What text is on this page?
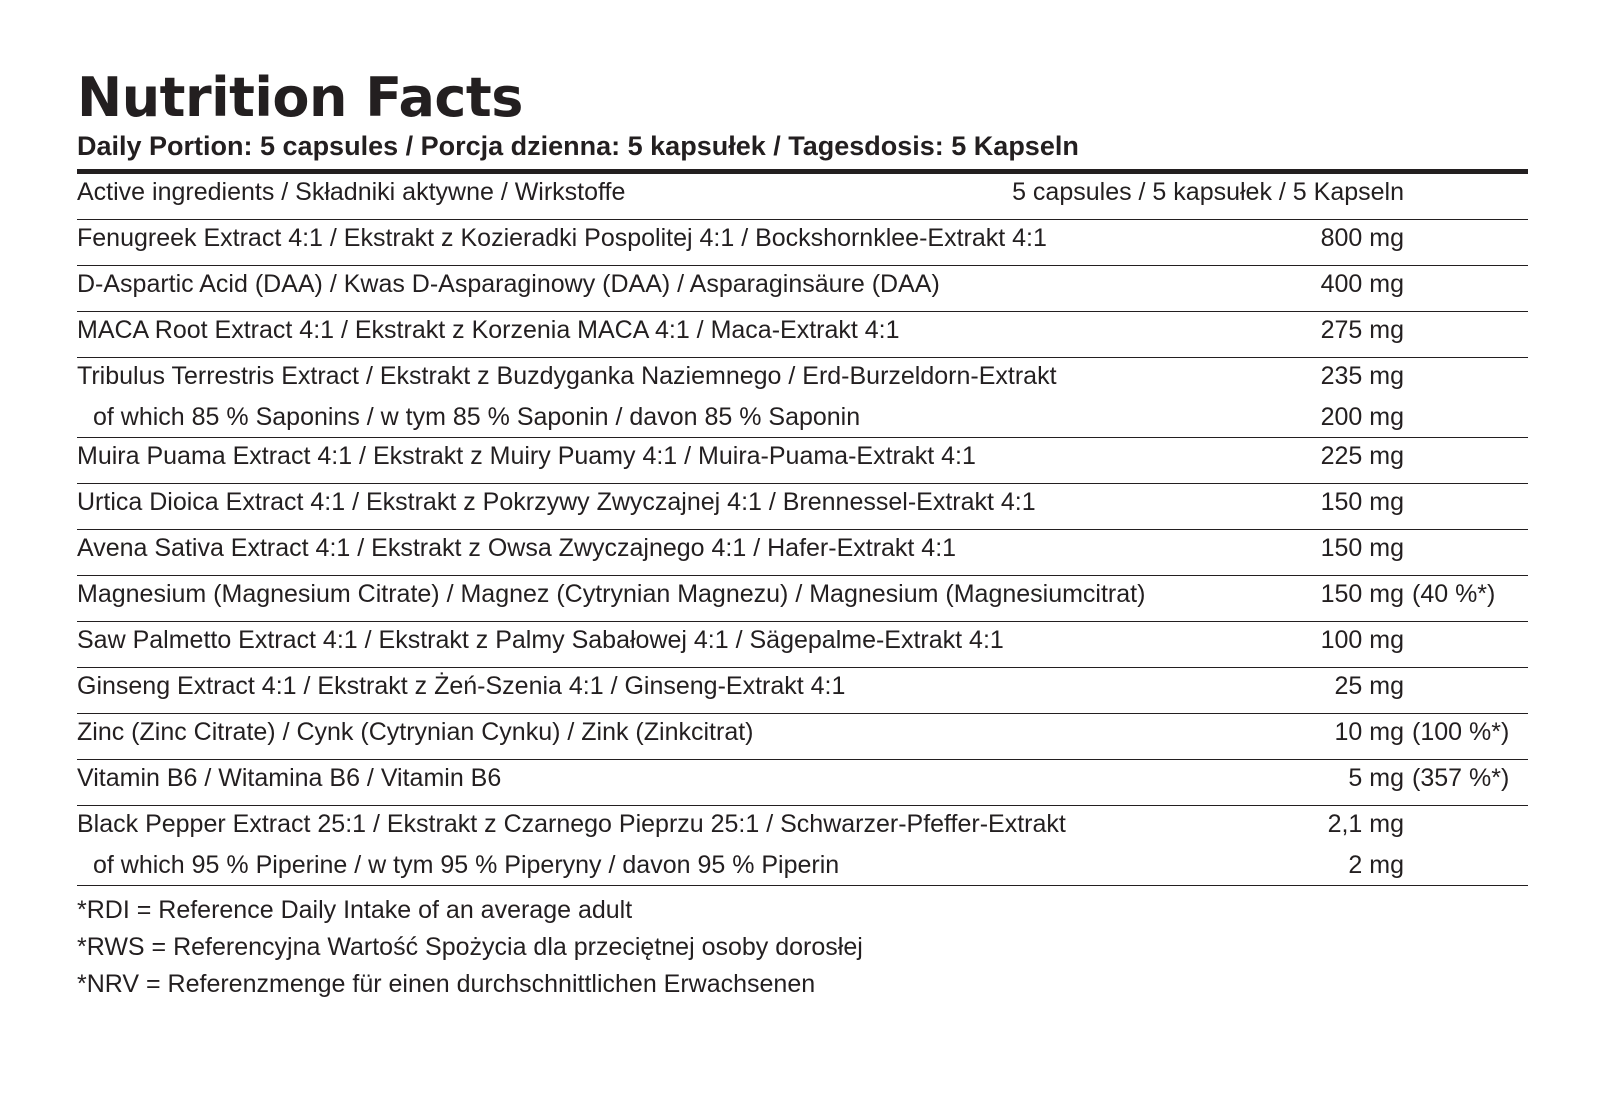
Nutrition Facts
Daily Portion: 5 capsules / Porcja dzienna: 5 kapsułek / Tagesdosis: 5 Kapseln
Active ingredients / Składniki aktywne / Wirkstoffe	5 capsules / 5 kapsułek / 5 Kapseln
Fenugreek Extract 4:1 / Ekstrakt z Kozieradki Pospolitej 4:1 / Bockshornklee-Extrakt 4:1	800 mg
D-Aspartic Acid (DAA) / Kwas D-Asparaginowy (DAA) / Asparaginsäure (DAA)	400 mg
MACA Root Extract 4:1 / Ekstrakt z Korzenia MACA 4:1 / Maca-Extrakt 4:1	275 mg
Tribulus Terrestris Extract / Ekstrakt z Buzdyganka Naziemnego / Erd-Burzeldorn-Extrakt	235 mg
of which 85 % Saponins / w tym 85 % Saponin / davon 85 % Saponin	200 mg
Muira Puama Extract 4:1 / Ekstrakt z Muiry Puamy 4:1 / Muira-Puama-Extrakt 4:1	225 mg
Urtica Dioica Extract 4:1 / Ekstrakt z Pokrzywy Zwyczajnej 4:1 / Brennessel-Extrakt 4:1	150 mg
Avena Sativa Extract 4:1 / Ekstrakt z Owsa Zwyczajnego 4:1 / Hafer-Extrakt 4:1	150 mg
Magnesium (Magnesium Citrate) / Magnez (Cytrynian Magnezu) / Magnesium (Magnesiumcitrat)	150 mg (40 %*)
Saw Palmetto Extract 4:1 / Ekstrakt z Palmy Sabałowej 4:1 / Sägepalme-Extrakt 4:1	100 mg
Ginseng Extract 4:1 / Ekstrakt z Żeń-Szenia 4:1 / Ginseng-Extrakt 4:1	25 mg
Zinc (Zinc Citrate) / Cynk (Cytrynian Cynku) / Zink (Zinkcitrat)	10 mg (100 %*)
Vitamin B6 / Witamina B6 / Vitamin B6	5 mg (357 %*)
Black Pepper Extract 25:1 / Ekstrakt z Czarnego Pieprzu 25:1 / Schwarzer-Pfeffer-Extrakt	2,1 mg
of which 95 % Piperine / w tym 95 % Piperyny / davon 95 % Piperin	2 mg
*RDI = Reference Daily Intake of an average adult
*RWS = Referencyjna Wartość Spożycia dla przeciętnej osoby dorosłej
*NRV = Referenzmenge für einen durchschnittlichen Erwachsenen
